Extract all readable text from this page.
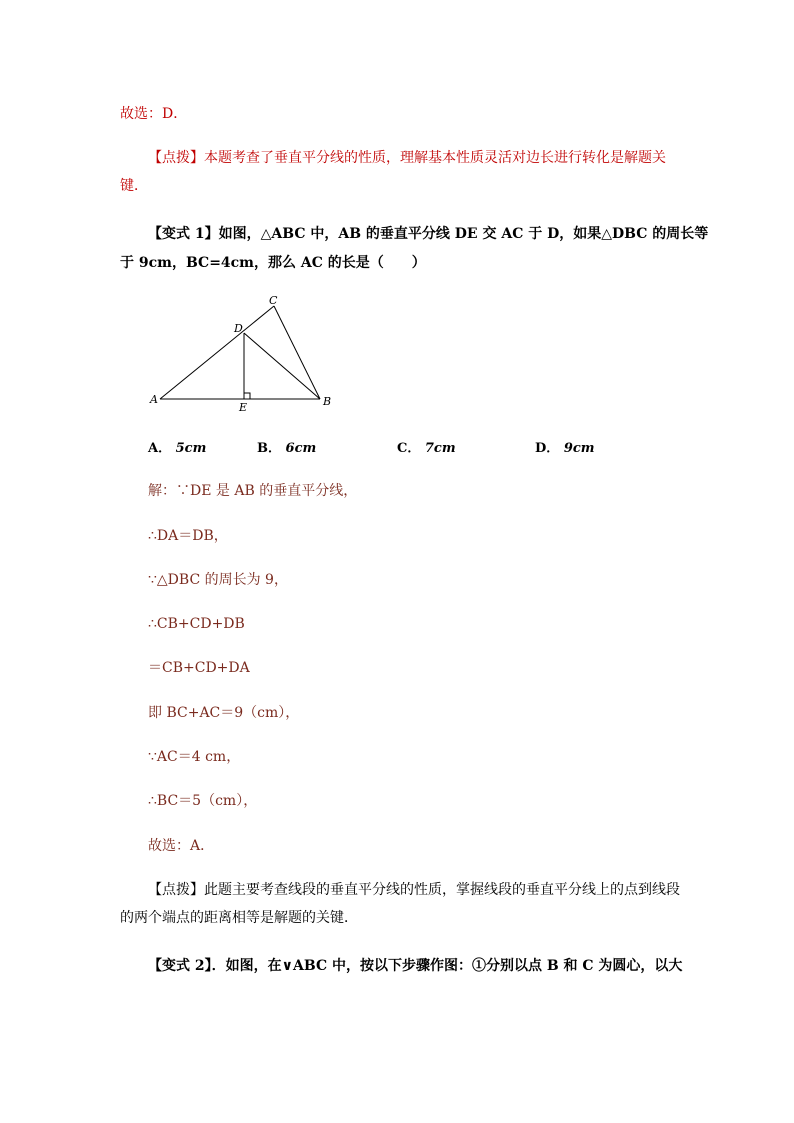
故选：D．
【点拨】本题考查了垂直平分线的性质，理解基本性质灵活对边长进行转化是解题关
键．
【变式 1】如图，△ABC 中，AB 的垂直平分线 DE 交 AC 于 D，如果△DBC 的周长等
于 9cm，BC=4cm，那么 AC 的长是（　　）
A	B
C
D
E
A． 5cm	B． 6cm	C． 7cm	D． 9cm
解：∵DE 是 AB 的垂直平分线，
∴DA＝DB，
∵△DBC 的周长为 9，
∴CB+CD+DB
＝CB+CD+DA
即 BC+AC＝9（cm），
∵AC＝4 cm，
∴BC＝5（cm），
故选：A．
【点拨】此题主要考查线段的垂直平分线的性质，掌握线段的垂直平分线上的点到线段
的两个端点的距离相等是解题的关键．
【变式 2】．如图，在∨ABC 中，按以下步骤作图：①分别以点 B 和 C 为圆心，以大
